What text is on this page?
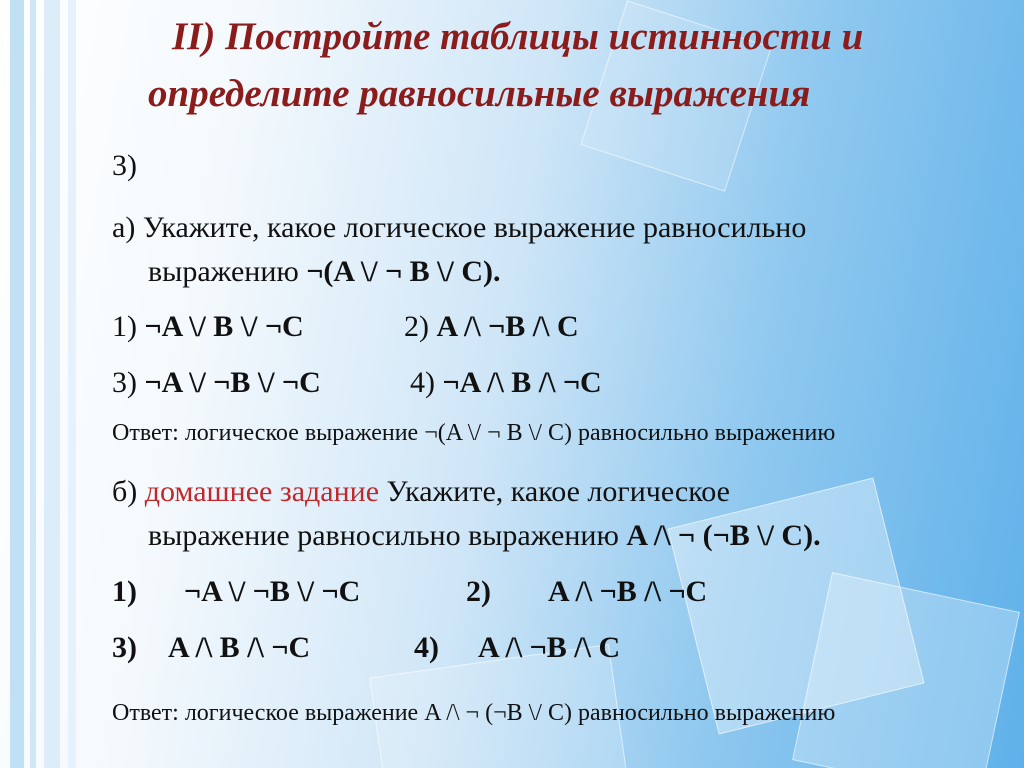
II) Постройте таблицы истинности и
определите равносильные выражения
3)
а) Укажите, какое логическое выражение равносильно
выражению ¬(A \/ ¬ B \/ C).
1) ¬A \/ B \/ ¬C	2) A /\ ¬B /\ C
3) ¬A \/ ¬B \/ ¬C	4) ¬A /\ B /\ ¬C
Ответ: логическое выражение ¬(A \/ ¬ B \/ C) равносильно выражению
б) домашнее задание Укажите, какое логическое
выражение равносильно выражению A /\ ¬ (¬B \/ C).
1) ¬A \/ ¬B \/ ¬C	2) A /\ ¬B /\ ¬C
3) A /\ B /\ ¬C	4) A /\ ¬B /\ C
Ответ: логическое выражение A /\ ¬ (¬B \/ C) равносильно выражению
